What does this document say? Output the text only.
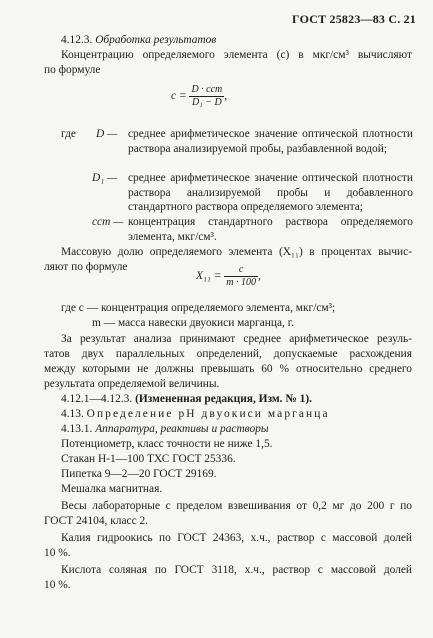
ГОСТ 25823—83 С. 21
4.12.3. Обработка результатов
Концентрацию определяемого элемента (c) в мкг/см³ вычисляют
по формуле
$c = \frac{\text{D · cст}}{\text{D₁ − D}}$ ,
где D — среднее арифметическое значение оптической плотности раствора анализируемой пробы, разбавленной водой;
D₁ — среднее арифметическое значение оптической плотности раствора анализируемой пробы и добавленного стандартного раствора определяемого элемента;
cст — концентрация стандартного раствора определяемого элемента, мкг/см³.
Массовую долю определяемого элемента (X₁₁) в процентах вычис-
ляют по формуле
$X_{11} = \frac{c}{m \cdot 100}$ ,
где c — концентрация определяемого элемента, мкг/см³;
m — масса навески двуокиси марганца, г.
За результат анализа принимают среднее арифметическое резуль-
татов двух параллельных определений, допускаемые расхождения
между которыми не должны превышать 60 % относительно среднего
результата определяемой величины.
4.12.1—4.12.3. (Измененная редакция, Изм. № 1).
4.13. Определение рН двуокиси марганца
4.13.1. Аппаратура, реактивы и растворы
Потенциометр, класс точности не ниже 1,5.
Стакан Н-1—100 ТХС ГОСТ 25336.
Пипетка 9—2—20 ГОСТ 29169.
Мешалка магнитная.
Весы лабораторные с пределом взвешивания от 0,2 мг до 200 г по
ГОСТ 24104, класс 2.
Калия гидроокись по ГОСТ 24363, х.ч., раствор с массовой долей
10 %.
Кислота соляная по ГОСТ 3118, х.ч., раствор с массовой долей
10 %.
